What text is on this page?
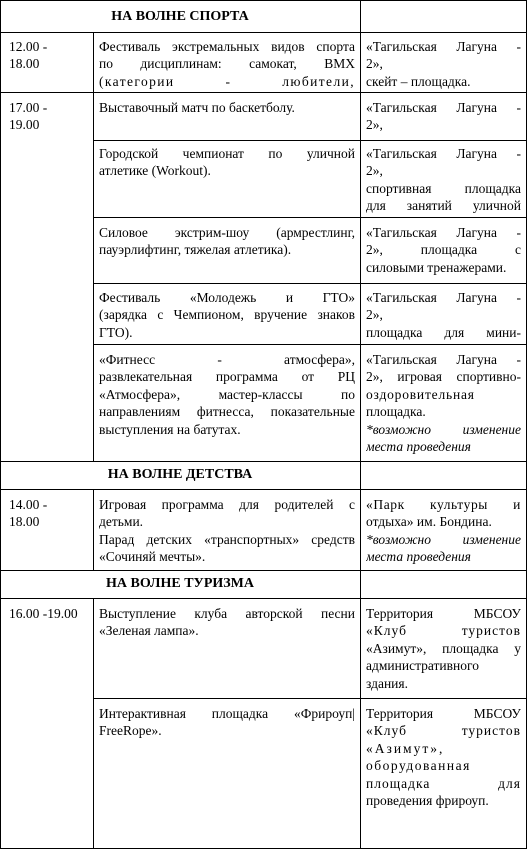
НА ВОЛНЕ СПОРТА
НА ВОЛНЕ ДЕТСТВА
НА ВОЛНЕ ТУРИЗМА
12.00 -
18.00
Фестиваль экстремальных видов спорта
по дисциплинам: самокат, BMX
(категории - любители,
«Тагильская Лагуна -
2»,
скейт – площадка.
17.00 -
19.00
Выставочный матч по баскетболу.	«Тагильская Лагуна -
2»,
Городской чемпионат по уличной
атлетике (Workout).
«Тагильская Лагуна -
2»,
спортивная площадка
для занятий уличной
Силовое экстрим-шоу (армрестлинг,
пауэрлифтинг, тяжелая атлетика).
«Тагильская Лагуна -
2», площадка с
силовыми тренажерами.
Фестиваль «Молодежь и ГТО»
(зарядка с Чемпионом, вручение знаков
ГТО).
«Тагильская Лагуна -
2»,
площадка для мини-
«Фитнесс - атмосфера»,
развлекательная программа от РЦ
«Атмосфера», мастер-классы по
направлениям фитнесса, показательные
выступления на батутах.
«Тагильская Лагуна -
2», игровая спортивно-
оздоровительная
площадка.
*возможно изменение
места проведения
14.00 -
18.00
Игровая программа для родителей с
детьми.
Парад детских «транспортных» средств
«Сочиняй мечты».
«Парк культуры и
отдыха» им. Бондина.
*возможно изменение
места проведения
16.00 -19.00 Выступление клуба авторской песни
«Зеленая лампа».
Территория МБСОУ
«Клуб туристов
«Азимут», площадка у
административного
здания.
Интерактивная площадка «Фрироуп|
FreeRope».
Территория МБСОУ
«Клуб туристов
«Азимут»,
оборудованная
площадка для
проведения фрироуп.
